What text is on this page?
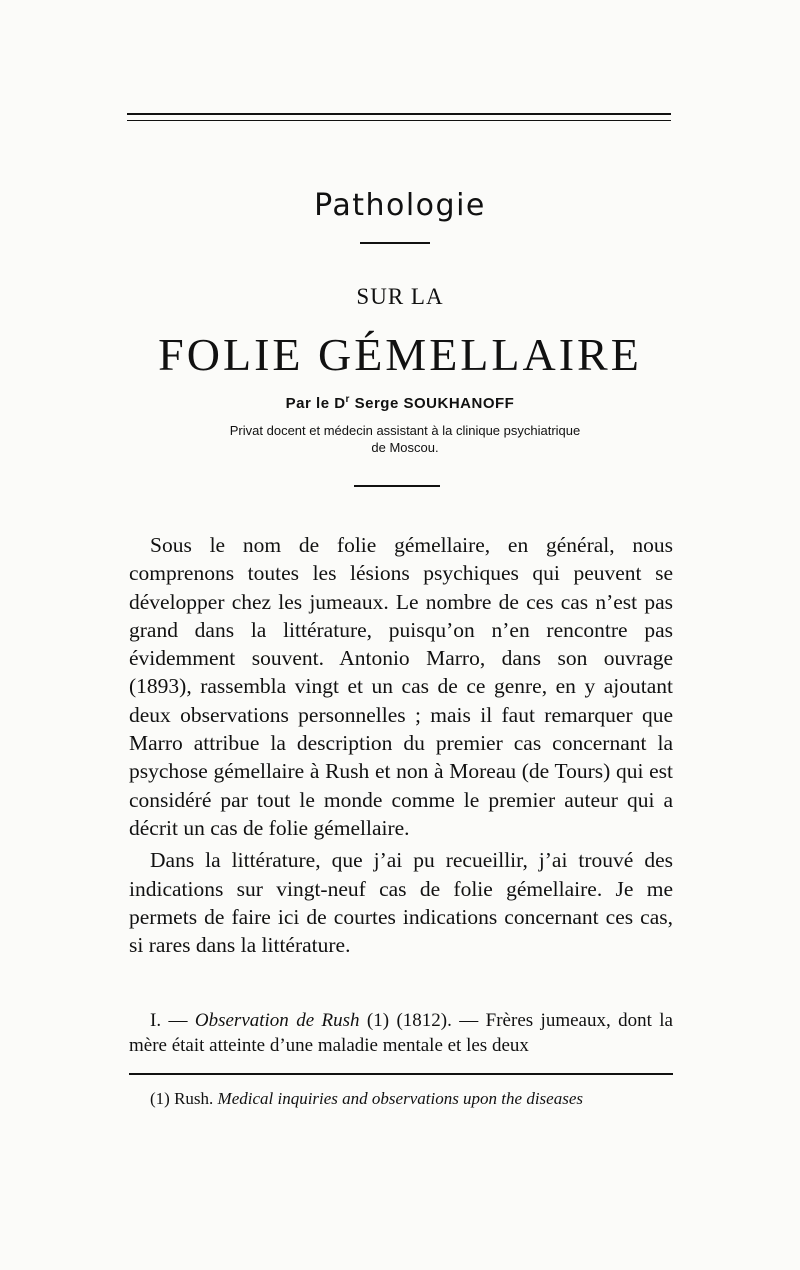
Pathologie
SUR LA
FOLIE GÉMELLAIRE
Par le $D^r$ Serge SOUKHANOFF
Privat docent et médecin assistant à la clinique psychiatrique
de Moscou.

Sous le nom de folie gémellaire, en général, nous comprenons toutes les lésions psychiques qui peuvent se développer chez les jumeaux. Le nombre de ces cas n’est pas grand dans la littérature, puisqu’on n’en rencontre pas évidemment souvent. Antonio Marro, dans son ouvrage (1893), rassembla vingt et un cas de ce genre, en y ajoutant deux observations personnelles ; mais il faut remarquer que Marro attribue la description du premier cas concernant la psychose gémellaire à Rush et non à Moreau (de Tours) qui est considéré par tout le monde comme le premier auteur qui a décrit un cas de folie gémellaire.

Dans la littérature, que j’ai pu recueillir, j’ai trouvé des indications sur vingt-neuf cas de folie gémellaire. Je me permets de faire ici de courtes indications concernant ces cas, si rares dans la littérature.

I. — Observation de Rush (1) (1812). — Frères jumeaux, dont la mère était atteinte d’une maladie mentale et les deux

(1) Rush. Medical inquiries and observations upon the diseases
